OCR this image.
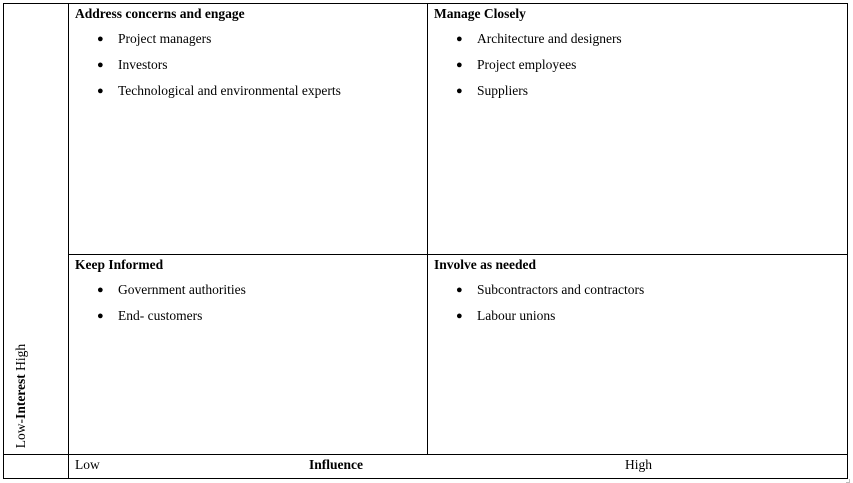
Address concerns and engage
● Project managers
● Investors
● Technological and environmental experts
Manage Closely
● Architecture and designers
● Project employees
● Suppliers
Keep Informed
● Government authorities
● End- customers
Involve as needed
● Subcontractors and contractors
● Labour unions
Low-Interest High
Low	Influence	High
